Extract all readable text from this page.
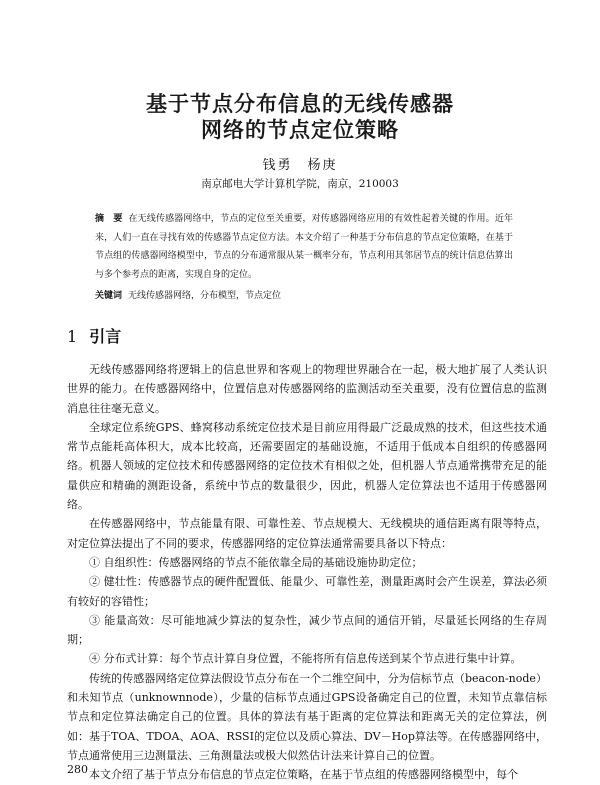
基于节点分布信息的无线传感器
网络的节点定位策略
钱勇　杨庚
南京邮电大学计算机学院，南京，210003
摘　要 在无线传感器网络中，节点的定位至关重要，对传感器网络应用的有效性起着关键的作用。近年来，人们一直在寻找有效的传感器节点定位方法。本文介绍了一种基于分布信息的节点定位策略，在基于节点组的传感器网络模型中，节点的分布通常服从某一概率分布，节点利用其邻居节点的统计信息估算出与多个参考点的距离，实现自身的定位。
关键词 无线传感器网络，分布模型，节点定位
1 引言

无线传感器网络将逻辑上的信息世界和客观上的物理世界融合在一起，极大地扩展了人类认识世界的能力。在传感器网络中，位置信息对传感器网络的监测活动至关重要，没有位置信息的监测消息往往毫无意义。

全球定位系统GPS、蜂窝移动系统定位技术是目前应用得最广泛最成熟的技术，但这些技术通常节点能耗高体积大，成本比较高，还需要固定的基础设施，不适用于低成本自组织的传感器网络。机器人领域的定位技术和传感器网络的定位技术有相似之处，但机器人节点通常携带充足的能量供应和精确的测距设备，系统中节点的数量很少，因此，机器人定位算法也不适用于传感器网络。

在传感器网络中，节点能量有限、可靠性差、节点规模大、无线模块的通信距离有限等特点，对定位算法提出了不同的要求，传感器网络的定位算法通常需要具备以下特点：

① 自组织性：传感器网络的节点不能依靠全局的基础设施协助定位；

② 健壮性：传感器节点的硬件配置低、能量少、可靠性差，测量距离时会产生误差，算法必须有较好的容错性；

③ 能量高效：尽可能地减少算法的复杂性，减少节点间的通信开销，尽量延长网络的生存周期；

④ 分布式计算：每个节点计算自身位置，不能将所有信息传送到某个节点进行集中计算。

传统的传感器网络定位算法假设节点分布在一个二维空间中，分为信标节点（beacon-node）和未知节点（unknownnode），少量的信标节点通过GPS设备确定自己的位置，未知节点靠信标节点和定位算法确定自己的位置。具体的算法有基于距离的定位算法和距离无关的定位算法，例如：基于TOA、TDOA、AOA、RSSI的定位以及质心算法、DV－Hop算法等。在传感器网络中，节点通常使用三边测量法、三角测量法或极大似然估计法来计算自己的位置。

本文介绍了基于节点分布信息的节点定位策略，在基于节点组的传感器网络模型中，每个

280
